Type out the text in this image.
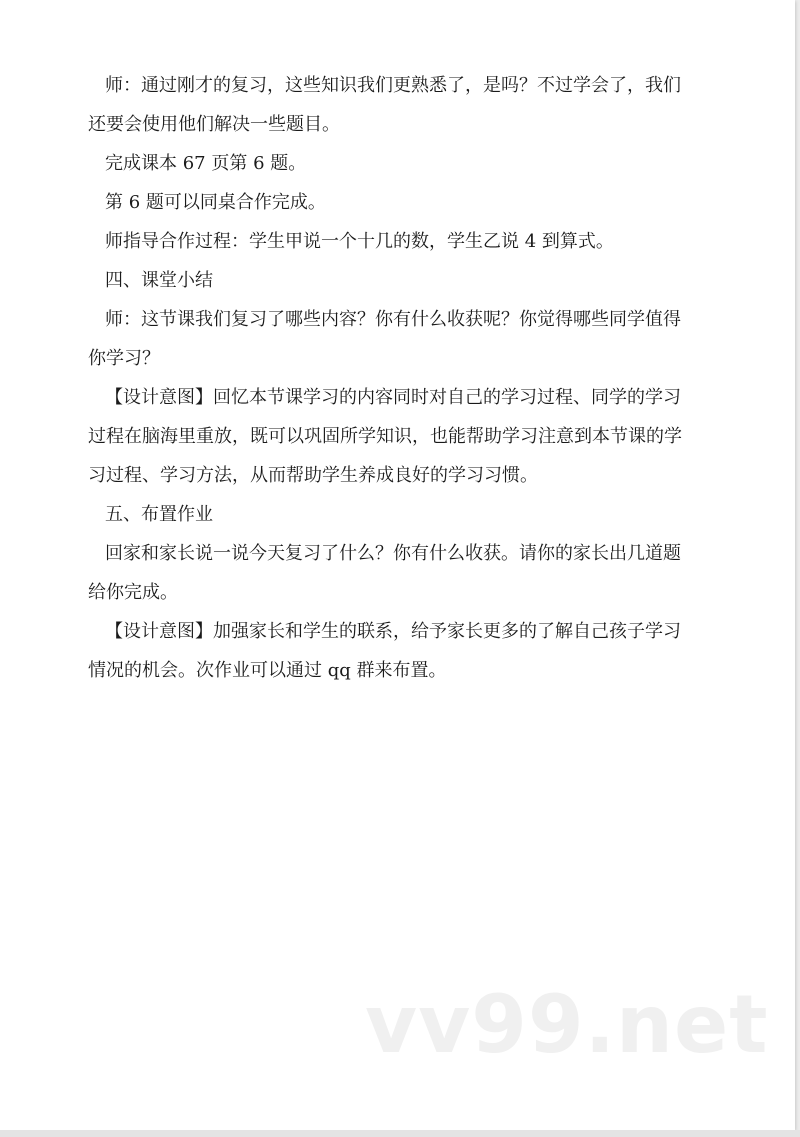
师：通过刚才的复习，这些知识我们更熟悉了，是吗？不过学会了，我们还要会使用他们解决一些题目。

完成课本 67 页第 6 题。

第 6 题可以同桌合作完成。

师指导合作过程：学生甲说一个十几的数，学生乙说 4 到算式。

四、课堂小结

师：这节课我们复习了哪些内容？你有什么收获呢？你觉得哪些同学值得你学习？

【设计意图】回忆本节课学习的内容同时对自己的学习过程、同学的学习过程在脑海里重放，既可以巩固所学知识，也能帮助学习注意到本节课的学习过程、学习方法，从而帮助学生养成良好的学习习惯。

五、布置作业

回家和家长说一说今天复习了什么？你有什么收获。请你的家长出几道题给你完成。

【设计意图】加强家长和学生的联系，给予家长更多的了解自己孩子学习情况的机会。次作业可以通过 qq 群来布置。

vv99.net
